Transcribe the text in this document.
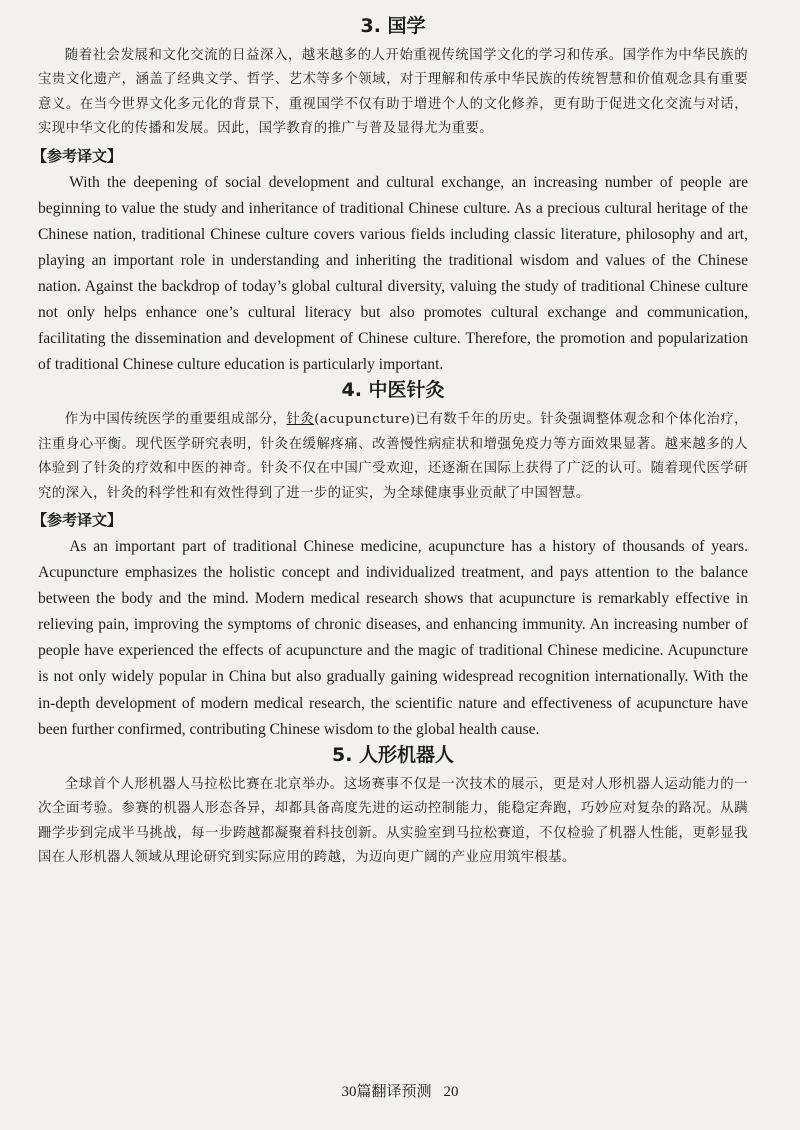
3. 国学

随着社会发展和文化交流的日益深入，越来越多的人开始重视传统国学文化的学习和传承。国学作为中华民族的宝贵文化遗产，涵盖了经典文学、哲学、艺术等多个领域，对于理解和传承中华民族的传统智慧和价值观念具有重要意义。在当今世界文化多元化的背景下，重视国学不仅有助于增进个人的文化修养，更有助于促进文化交流与对话，实现中华文化的传播和发展。因此，国学教育的推广与普及显得尤为重要。

【参考译文】

With the deepening of social development and cultural exchange, an increasing number of people are beginning to value the study and inheritance of traditional Chinese culture. As a precious cultural heritage of the Chinese nation, traditional Chinese culture covers various fields including classic literature, philosophy and art, playing an important role in understanding and inheriting the traditional wisdom and values of the Chinese nation. Against the backdrop of today’s global cultural diversity, valuing the study of traditional Chinese culture not only helps enhance one’s cultural literacy but also promotes cultural exchange and communication, facilitating the dissemination and development of Chinese culture. Therefore, the promotion and popularization of traditional Chinese culture education is particularly important.

4. 中医针灸

作为中国传统医学的重要组成部分，针灸(acupuncture)已有数千年的历史。针灸强调整体观念和个体化治疗，注重身心平衡。现代医学研究表明，针灸在缓解疼痛、改善慢性病症状和增强免疫力等方面效果显著。越来越多的人体验到了针灸的疗效和中医的神奇。针灸不仅在中国广受欢迎，还逐渐在国际上获得了广泛的认可。随着现代医学研究的深入，针灸的科学性和有效性得到了进一步的证实，为全球健康事业贡献了中国智慧。

【参考译文】

As an important part of traditional Chinese medicine, acupuncture has a history of thousands of years. Acupuncture emphasizes the holistic concept and individualized treatment, and pays attention to the balance between the body and the mind. Modern medical research shows that acupuncture is remarkably effective in relieving pain, improving the symptoms of chronic diseases, and enhancing immunity. An increasing number of people have experienced the effects of acupuncture and the magic of traditional Chinese medicine. Acupuncture is not only widely popular in China but also gradually gaining widespread recognition internationally. With the in-depth development of modern medical research, the scientific nature and effectiveness of acupuncture have been further confirmed, contributing Chinese wisdom to the global health cause.

5. 人形机器人

全球首个人形机器人马拉松比赛在北京举办。这场赛事不仅是一次技术的展示，更是对人形机器人运动能力的一次全面考验。参赛的机器人形态各异，却都具备高度先进的运动控制能力，能稳定奔跑，巧妙应对复杂的路况。从蹒跚学步到完成半马挑战，每一步跨越都凝聚着科技创新。从实验室到马拉松赛道，不仅检验了机器人性能，更彰显我国在人形机器人领域从理论研究到实际应用的跨越，为迈向更广阔的产业应用筑牢根基。

30篇翻译预测 20
